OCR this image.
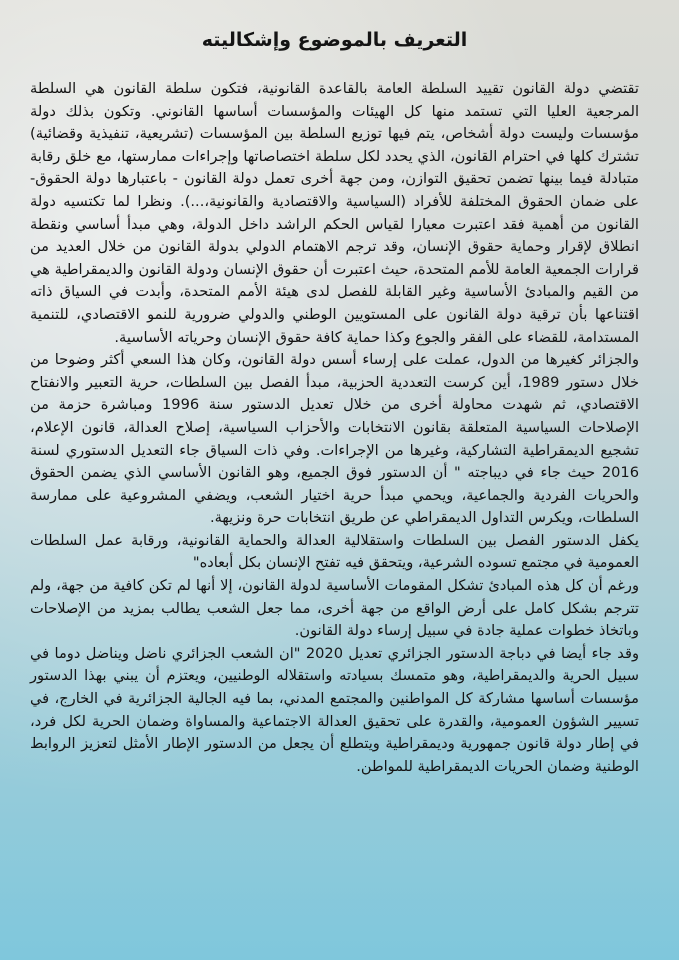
التعريف بالموضوع وإشكاليته

تقتضي دولة القانون تقييد السلطة العامة بالقاعدة القانونية، فتكون سلطة القانون هي السلطة المرجعية العليا التي تستمد منها كل الهيئات والمؤسسات أساسها القانوني. وتكون بذلك دولة مؤسسات وليست دولة أشخاص، يتم فيها توزيع السلطة بين المؤسسات (تشريعية، تنفيذية وقضائية) تشترك كلها في احترام القانون، الذي يحدد لكل سلطة اختصاصاتها وإجراءات ممارستها، مع خلق رقابة متبادلة فيما بينها تضمن تحقيق التوازن، ومن جهة أخرى تعمل دولة القانون - باعتبارها دولة الحقوق- على ضمان الحقوق المختلفة للأفراد (السياسية والاقتصادية والقانونية،...). ونظرا لما تكتسيه دولة القانون من أهمية فقد اعتبرت معيارا لقياس الحكم الراشد داخل الدولة، وهي مبدأ أساسي ونقطة انطلاق لإقرار وحماية حقوق الإنسان، وقد ترجم الاهتمام الدولي بدولة القانون من خلال العديد من قرارات الجمعية العامة للأمم المتحدة، حيث اعتبرت أن حقوق الإنسان ودولة القانون والديمقراطية هي من القيم والمبادئ الأساسية وغير القابلة للفصل لدى هيئة الأمم المتحدة، وأبدت في السياق ذاته اقتناعها بأن ترقية دولة القانون على المستويين الوطني والدولي ضرورية للنمو الاقتصادي، للتنمية المستدامة، للقضاء على الفقر والجوع وكذا حماية كافة حقوق الإنسان وحرياته الأساسية.

والجزائر كغيرها من الدول، عملت على إرساء أسس دولة القانون، وكان هذا السعي أكثر وضوحا من خلال دستور 1989، أين كرست التعددية الحزبية، مبدأ الفصل بين السلطات، حرية التعبير والانفتاح الاقتصادي، ثم شهدت محاولة أخرى من خلال تعديل الدستور سنة 1996 ومباشرة حزمة من الإصلاحات السياسية المتعلقة بقانون الانتخابات والأحزاب السياسية، إصلاح العدالة، قانون الإعلام، تشجيع الديمقراطية التشاركية، وغيرها من الإجراءات. وفي ذات السياق جاء التعديل الدستوري لسنة 2016 حيث جاء في ديباجته " أن الدستور فوق الجميع، وهو القانون الأساسي الذي يضمن الحقوق والحريات الفردية والجماعية، ويحمي مبدأ حرية اختيار الشعب، ويضفي المشروعية على ممارسة السلطات، ويكرس التداول الديمقراطي عن طريق انتخابات حرة ونزيهة.

يكفل الدستور الفصل بين السلطات واستقلالية العدالة والحماية القانونية، ورقابة عمل السلطات العمومية في مجتمع تسوده الشرعية، ويتحقق فيه تفتح الإنسان بكل أبعاده"

ورغم أن كل هذه المبادئ تشكل المقومات الأساسية لدولة القانون، إلا أنها لم تكن كافية من جهة، ولم تترجم بشكل كامل على أرض الواقع من جهة أخرى، مما جعل الشعب يطالب بمزيد من الإصلاحات وباتخاذ خطوات عملية جادة في سبيل إرساء دولة القانون.

وقد جاء أيضا في دباجة الدستور الجزائري تعديل 2020 "ان الشعب الجزائري ناضل ويناضل دوما في سبيل الحرية والديمقراطية، وهو متمسك بسيادته واستقلاله الوطنيين، ويعتزم أن يبني بهذا الدستور مؤسسات أساسها مشاركة كل المواطنين والمجتمع المدني، بما فيه الجالية الجزائرية في الخارج، في تسيير الشؤون العمومية، والقدرة على تحقيق العدالة الاجتماعية والمساواة وضمان الحرية لكل فرد، في إطار دولة قانون جمهورية وديمقراطية ويتطلع أن يجعل من الدستور الإطار الأمثل لتعزيز الروابط الوطنية وضمان الحريات الديمقراطية للمواطن.
